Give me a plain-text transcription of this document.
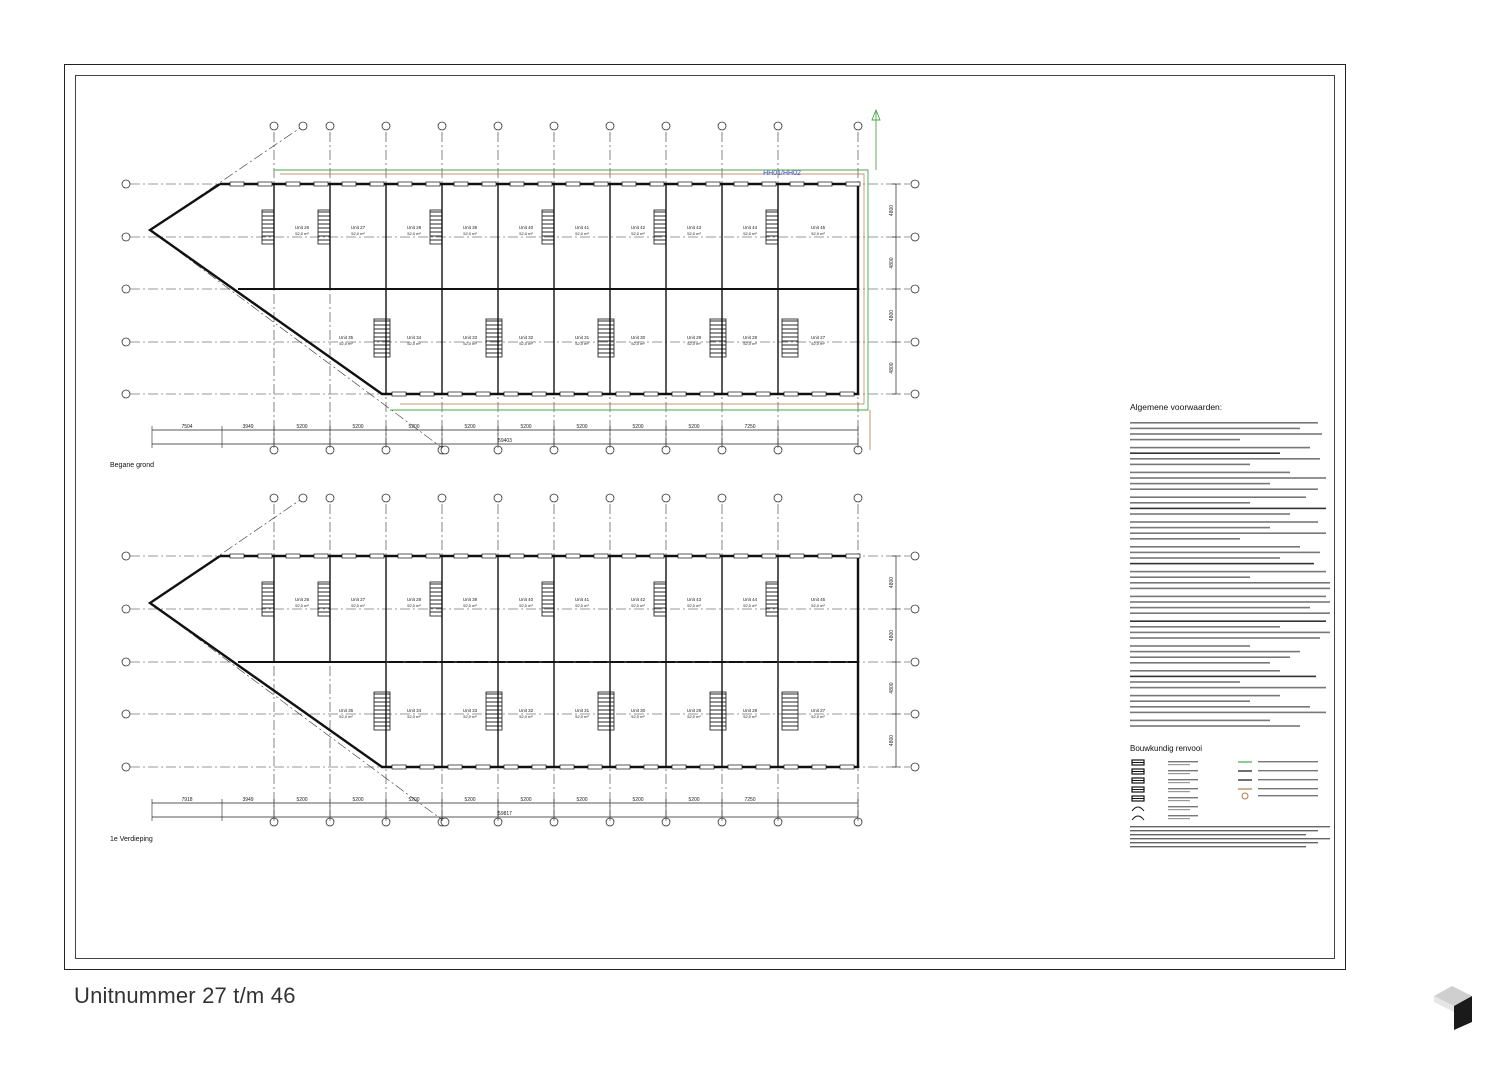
Unit 26
52,0 m²
Unit 27
52,0 m²
Unit 28
52,0 m²
Unit 39
52,0 m²
Unit 40
52,0 m²
Unit 41
52,0 m²
Unit 42
52,0 m²
Unit 43
52,0 m²
Unit 44
52,0 m²
Unit 45
52,0 m²
Unit 35
52,0 m²
Unit 34
52,0 m²
Unit 33
52,0 m²
Unit 32
52,0 m²
Unit 31
52,0 m²
Unit 30
52,0 m²
Unit 29
52,0 m²
Unit 28
52,0 m²
Unit 27
52,0 m²
7504	3949	5200	5200	5200	5200	5200	5200	5200	5200	7250
59403
4800
4800
4800
4800
Unit 26
52,0 m²
Unit 27
52,0 m²
Unit 28
52,0 m²
Unit 39
52,0 m²
Unit 40
52,0 m²
Unit 41
52,0 m²
Unit 42
52,0 m²
Unit 43
52,0 m²
Unit 44
52,0 m²
Unit 45
52,0 m²
Unit 35
52,0 m²
Unit 34
52,0 m²
Unit 33
52,0 m²
Unit 32
52,0 m²
Unit 31
52,0 m²
Unit 30
52,0 m²
Unit 29
52,0 m²
Unit 28
52,0 m²
Unit 27
52,0 m²
7918	3949	5200	5200	5200	5200	5200	5200	5200	5200	7250
59817
4800
4800
4800
4800
HH01/HH02
Begane grond
1e Verdieping
Algemene voorwaarden:
Bouwkundig renvooi
Unitnummer 27 t/m 46
